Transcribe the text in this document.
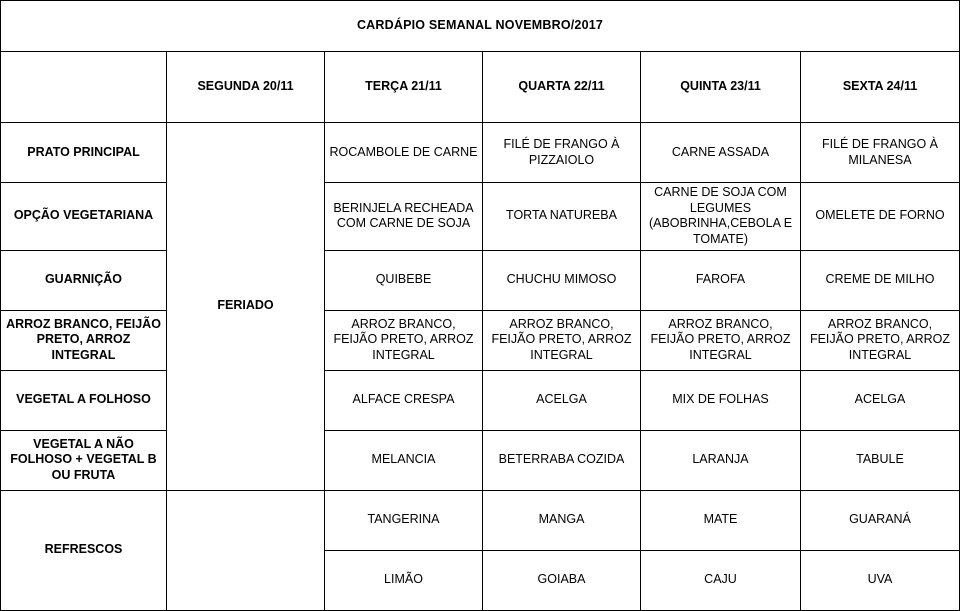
CARDÁPIO SEMANAL NOVEMBRO/2017					
	SEGUNDA 20/11	TERÇA 21/11	QUARTA 22/11	QUINTA 23/11	SEXTA 24/11
PRATO PRINCIPAL	FERIADO	ROCAMBOLE DE CARNE	FILÉ DE FRANGO À PIZZAIOLO	CARNE ASSADA	FILÉ DE FRANGO À MILANESA
OPÇÃO VEGETARIANA		BERINJELA RECHEADA COM CARNE DE SOJA	TORTA NATUREBA	CARNE DE SOJA COM LEGUMES (ABOBRINHA,CEBOLA E TOMATE)	OMELETE DE FORNO
GUARNIÇÃO		QUIBEBE	CHUCHU MIMOSO	FAROFA	CREME DE MILHO
ARROZ BRANCO, FEIJÃO PRETO, ARROZ INTEGRAL		ARROZ BRANCO, FEIJÃO PRETO, ARROZ INTEGRAL	ARROZ BRANCO, FEIJÃO PRETO, ARROZ INTEGRAL	ARROZ BRANCO, FEIJÃO PRETO, ARROZ INTEGRAL	ARROZ BRANCO, FEIJÃO PRETO, ARROZ INTEGRAL
VEGETAL A FOLHOSO		ALFACE CRESPA	ACELGA	MIX DE FOLHAS	ACELGA
VEGETAL A NÃO FOLHOSO + VEGETAL B OU FRUTA		MELANCIA	BETERRABA COZIDA	LARANJA	TABULE
REFRESCOS		TANGERINA	MANGA	MATE	GUARANÁ
		LIMÃO	GOIABA	CAJU	UVA
